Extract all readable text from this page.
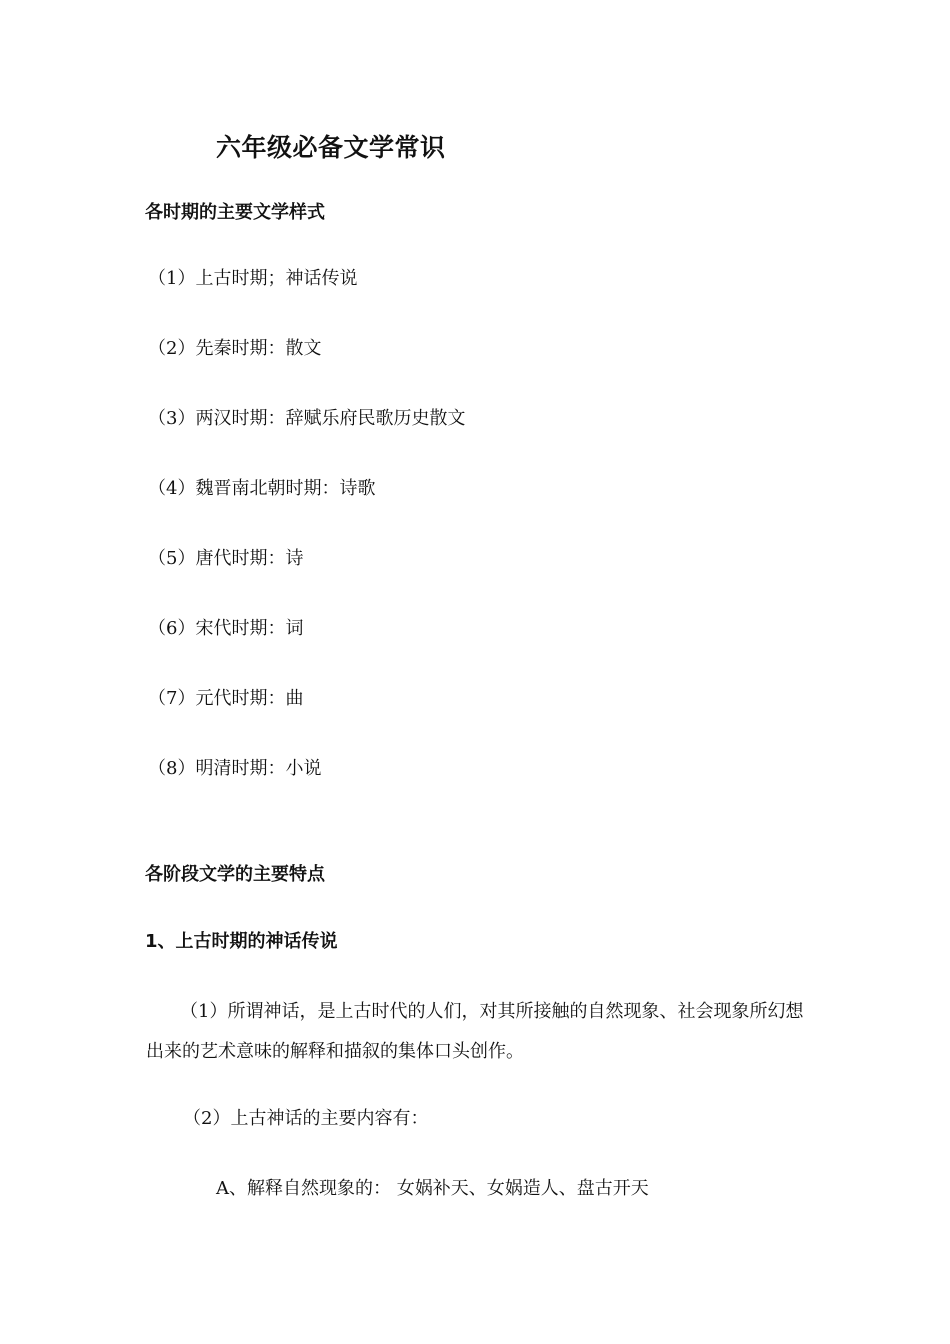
六年级必备文学常识
各时期的主要文学样式
（1）上古时期；神话传说
（2）先秦时期：散文
（3）两汉时期：辞赋乐府民歌历史散文
（4）魏晋南北朝时期：诗歌
（5）唐代时期：诗
（6）宋代时期：词
（7）元代时期：曲
（8）明清时期：小说
各阶段文学的主要特点
1、上古时期的神话传说
（1）所谓神话，是上古时代的人们，对其所接触的自然现象、社会现象所幻想
出来的艺术意味的解释和描叙的集体口头创作。
（2）上古神话的主要内容有：
A、解释自然现象的： 女娲补天、女娲造人、盘古开天
